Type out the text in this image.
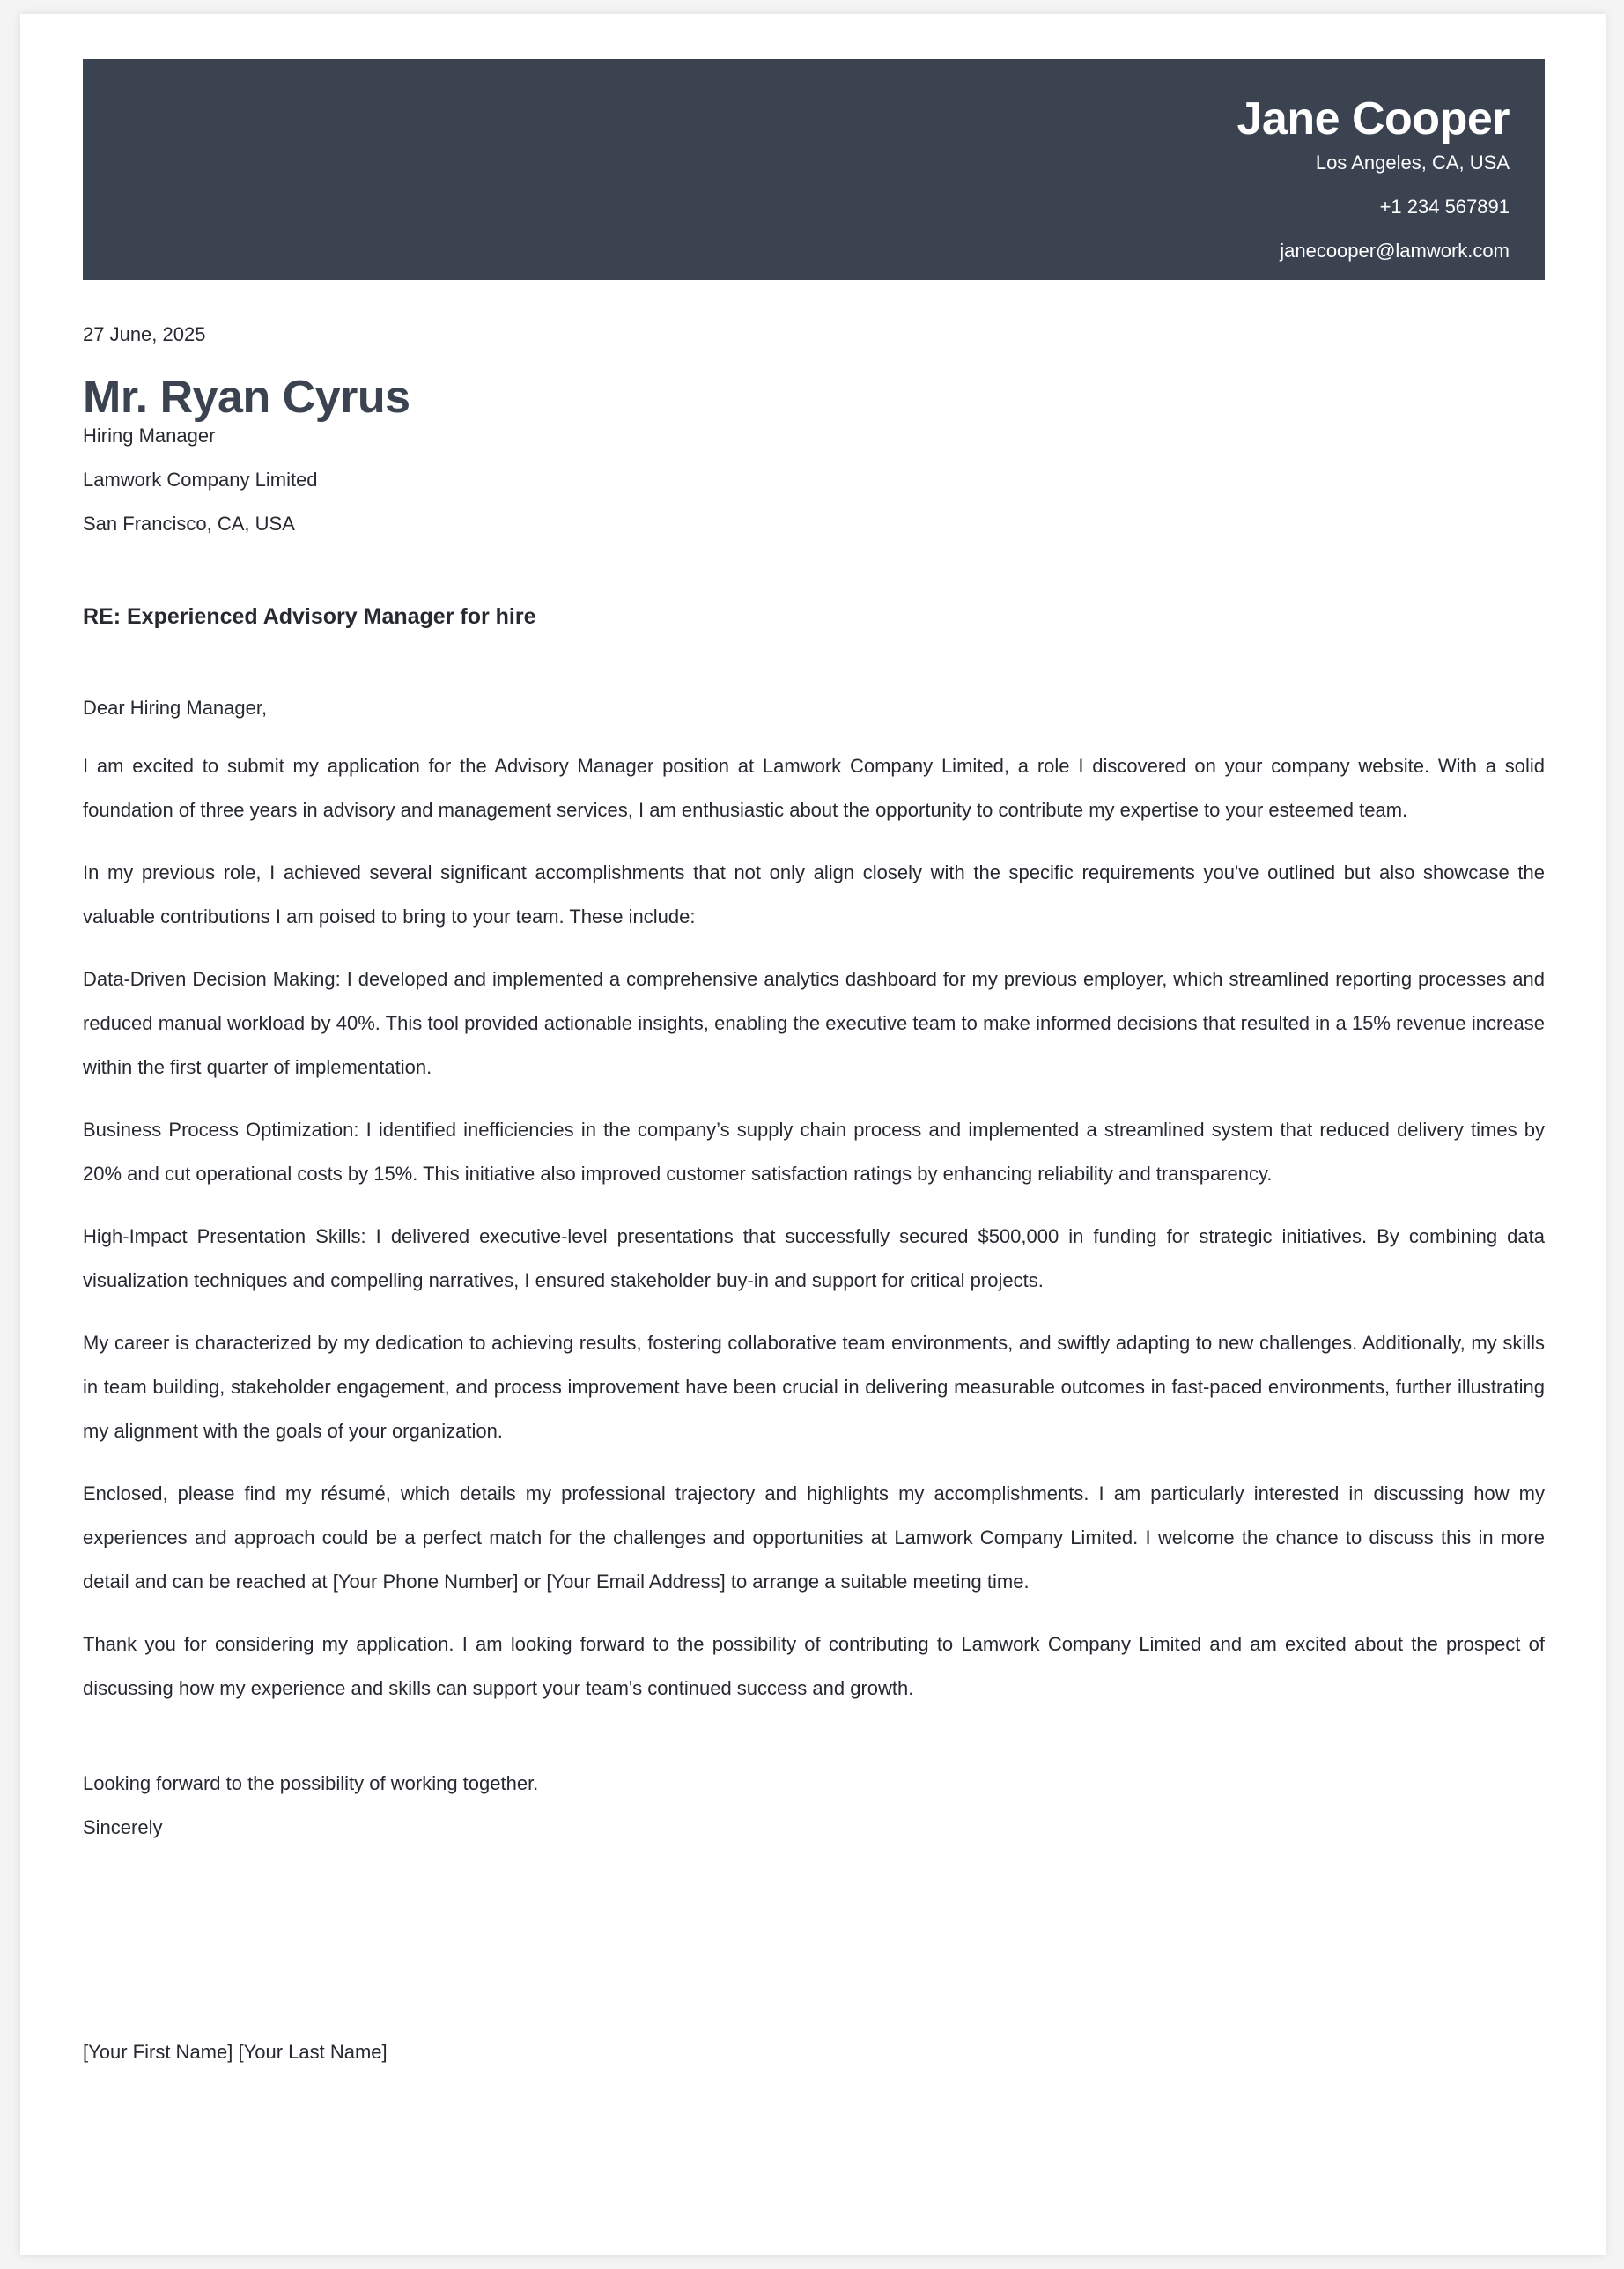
Jane Cooper
Los Angeles, CA, USA
+1 234 567891
janecooper@lamwork.com
27 June, 2025
Mr. Ryan Cyrus
Hiring Manager
Lamwork Company Limited
San Francisco, CA, USA
RE: Experienced Advisory Manager for hire
Dear Hiring Manager,

I am excited to submit my application for the Advisory Manager position at Lamwork Company Limited, a role I discovered on your company website. With a solid foundation of three years in advisory and management services, I am enthusiastic about the opportunity to contribute my expertise to your esteemed team.

In my previous role, I achieved several significant accomplishments that not only align closely with the specific requirements you've outlined but also showcase the valuable contributions I am poised to bring to your team. These include:

Data-Driven Decision Making: I developed and implemented a comprehensive analytics dashboard for my previous employer, which streamlined reporting processes and reduced manual workload by 40%. This tool provided actionable insights, enabling the executive team to make informed decisions that resulted in a 15% revenue increase within the first quarter of implementation.

Business Process Optimization: I identified inefficiencies in the company’s supply chain process and implemented a streamlined system that reduced delivery times by 20% and cut operational costs by 15%. This initiative also improved customer satisfaction ratings by enhancing reliability and transparency.

High-Impact Presentation Skills: I delivered executive-level presentations that successfully secured $500,000 in funding for strategic initiatives. By combining data visualization techniques and compelling narratives, I ensured stakeholder buy-in and support for critical projects.

My career is characterized by my dedication to achieving results, fostering collaborative team environments, and swiftly adapting to new challenges. Additionally, my skills in team building, stakeholder engagement, and process improvement have been crucial in delivering measurable outcomes in fast-paced environments, further illustrating my alignment with the goals of your organization.

Enclosed, please find my résumé, which details my professional trajectory and highlights my accomplishments. I am particularly interested in discussing how my experiences and approach could be a perfect match for the challenges and opportunities at Lamwork Company Limited. I welcome the chance to discuss this in more detail and can be reached at [Your Phone Number] or [Your Email Address] to arrange a suitable meeting time.

Thank you for considering my application. I am looking forward to the possibility of contributing to Lamwork Company Limited and am excited about the prospect of discussing how my experience and skills can support your team's continued success and growth.

Looking forward to the possibility of working together.
Sincerely
[Your First Name] [Your Last Name]
